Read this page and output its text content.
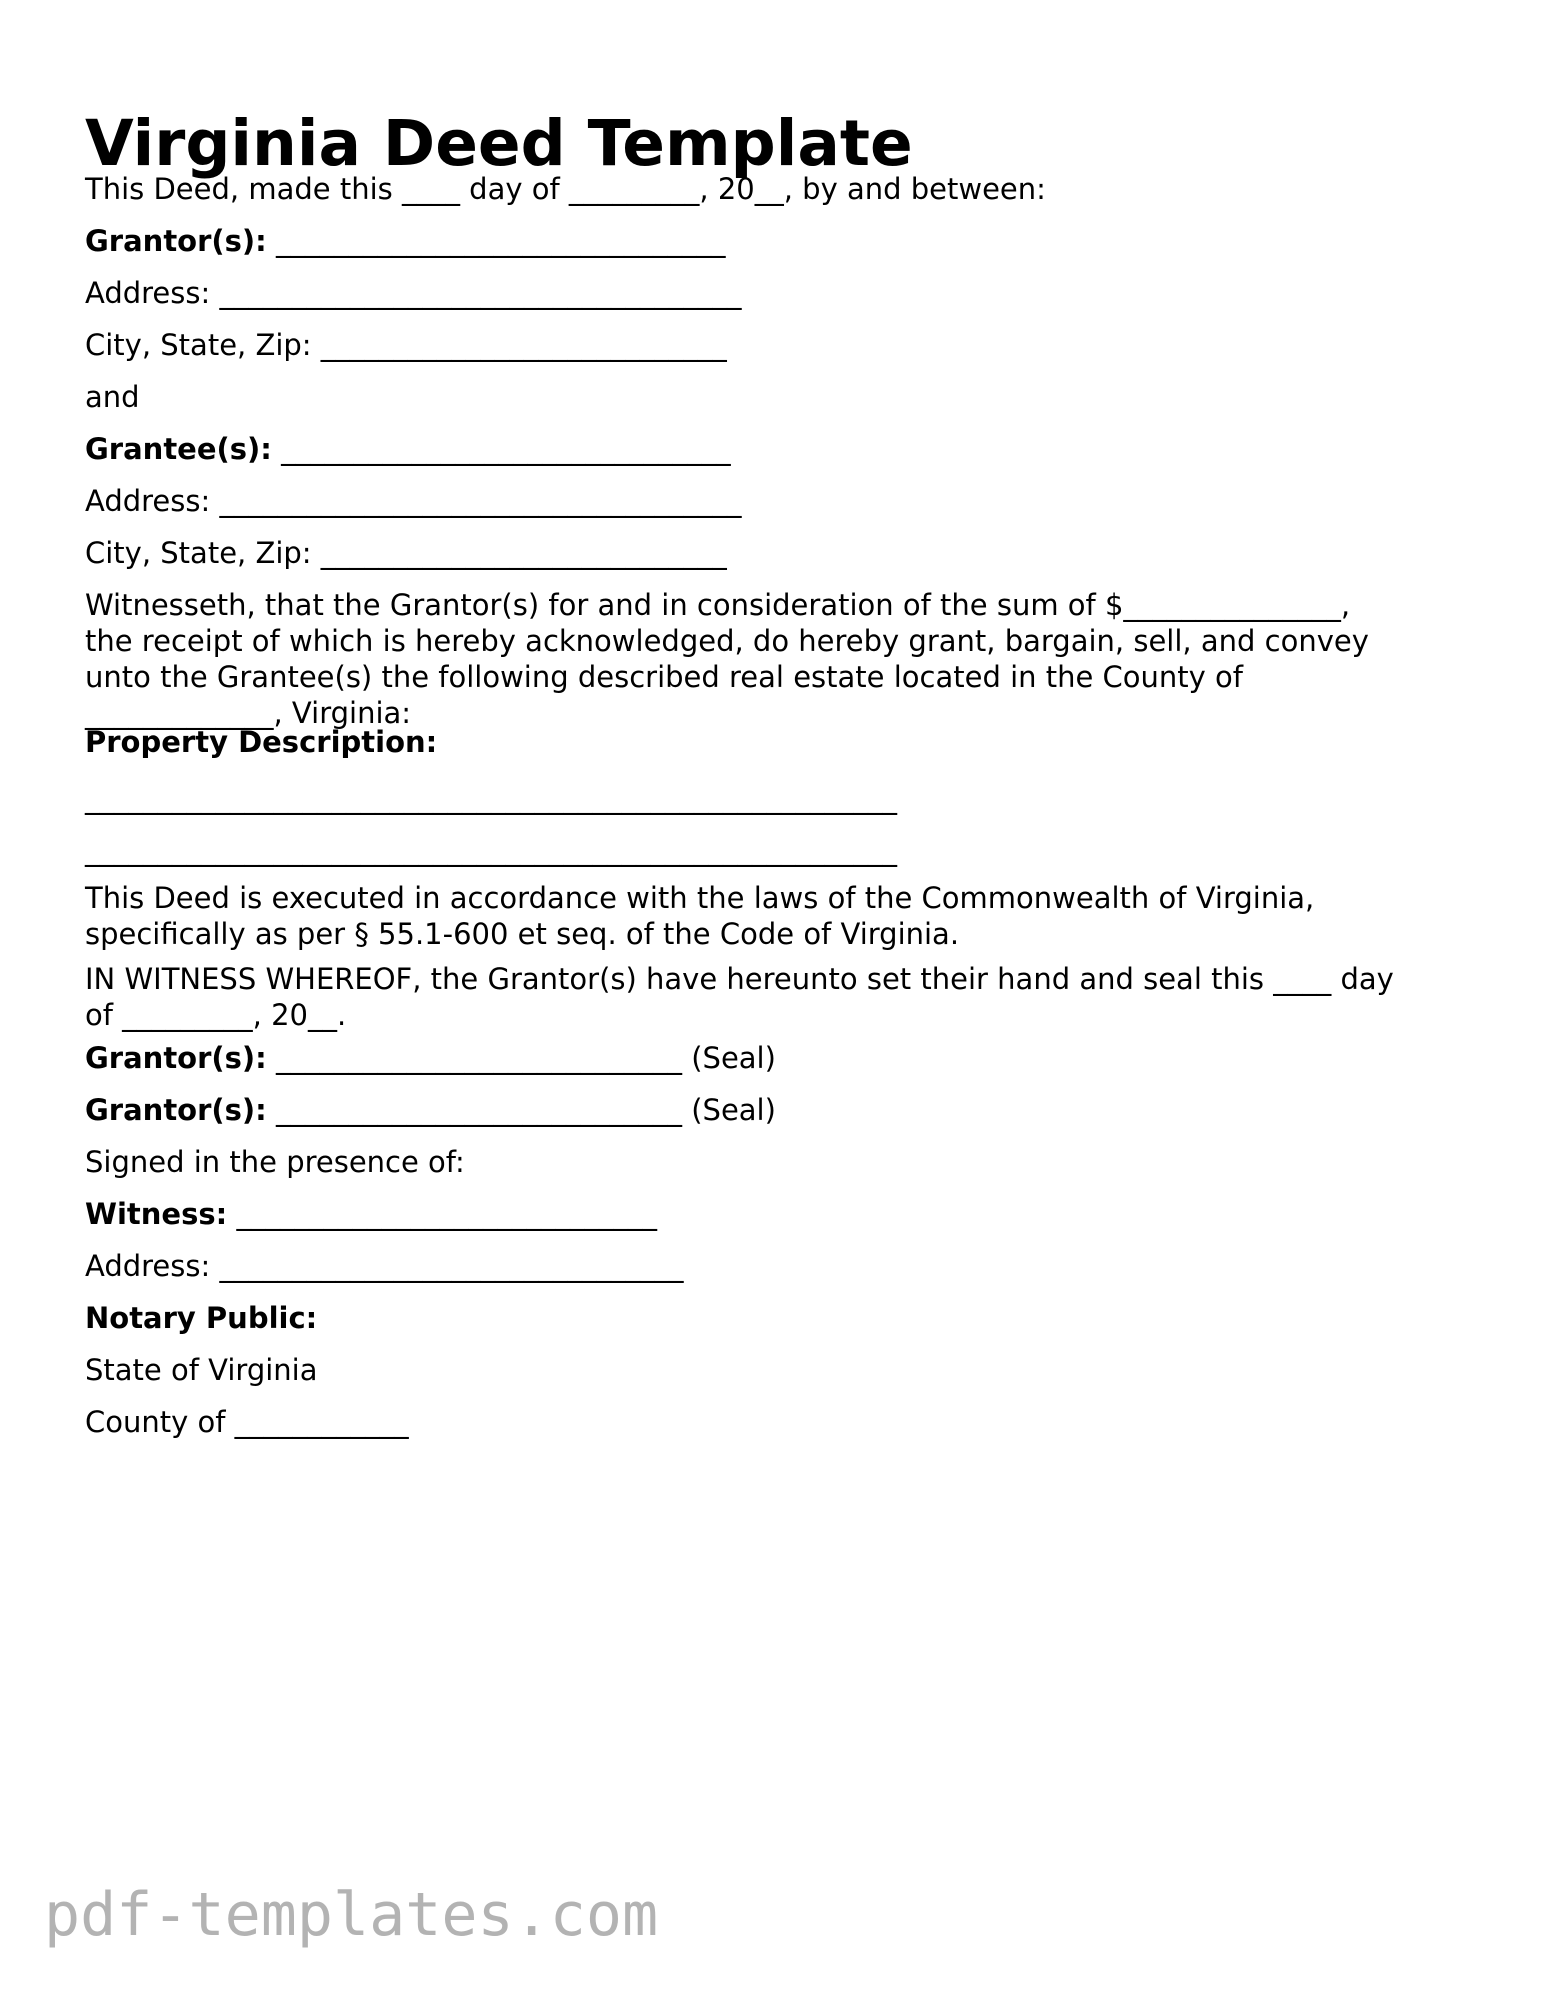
Virginia Deed Template
This Deed, made this ____ day of _________, 20__, by and between:
Grantor(s): _______________________________
Address: ____________________________________
City, State, Zip: ____________________________
and
Grantee(s): _______________________________
Address: ____________________________________
City, State, Zip: ____________________________
Witnesseth, that the Grantor(s) for and in consideration of the sum of $_______________,
the receipt of which is hereby acknowledged, do hereby grant, bargain, sell, and convey
unto the Grantee(s) the following described real estate located in the County of
_____________, Virginia:
Property Description:
________________________________________________________
________________________________________________________
This Deed is executed in accordance with the laws of the Commonwealth of Virginia,
specifically as per § 55.1-600 et seq. of the Code of Virginia.
IN WITNESS WHEREOF, the Grantor(s) have hereunto set their hand and seal this ____ day
of _________, 20__.
Grantor(s): ____________________________ (Seal)
Grantor(s): ____________________________ (Seal)
Signed in the presence of:
Witness: _____________________________
Address: ________________________________
Notary Public:
State of Virginia
County of ____________
pdf-templates.com
